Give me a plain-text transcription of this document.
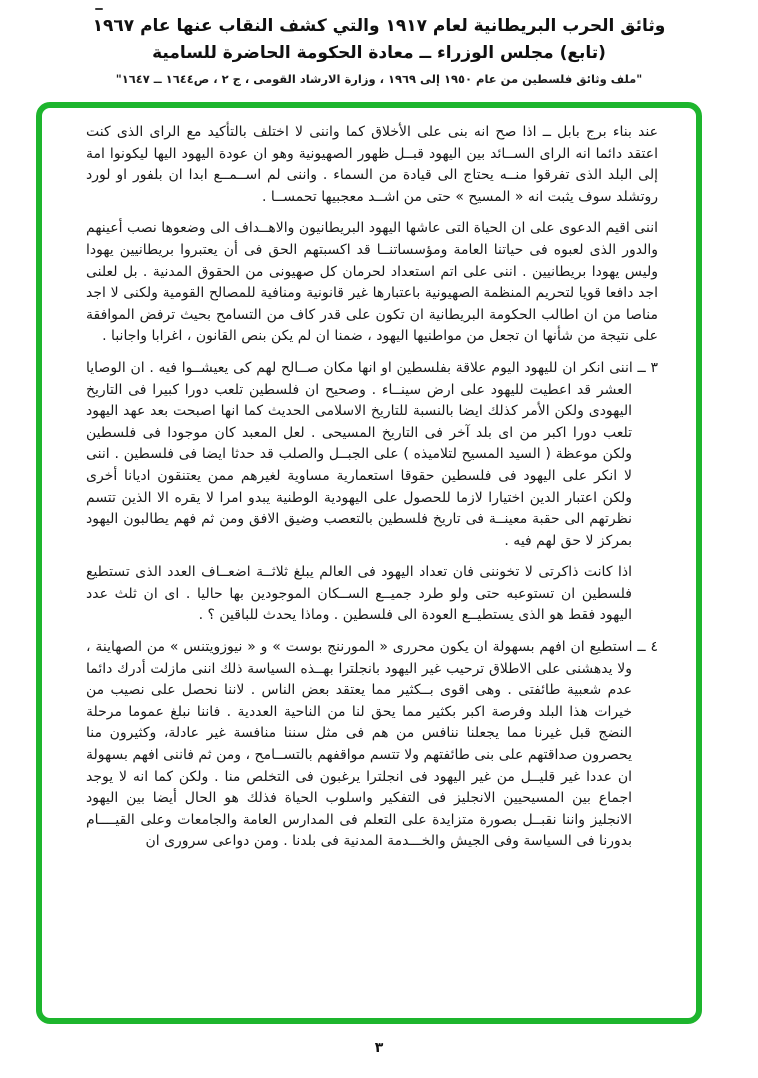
وثائق الحرب البريطانية لعام ١٩١٧ والتي كشف النقاب عنها عام ١٩٦٧
(تابع) مجلس الوزراء ــ معادة الحكومة الحاضرة للسامية
"ملف وثائق فلسطين من عام ١٩٥٠ إلى ١٩٦٩ ، وزارة الارشاد القومى ، ج ٢ ، ص١٦٤٤ ــ ١٦٤٧"

عند بناء برج بابل ــ اذا صح انه بنى على الأخلاق كما واننى لا اختلف بالتأكيد مع الراى الذى كنت اعتقد دائما انه الراى الســائد بين اليهود قبــل ظهور الصهيونية وهو ان عودة اليهود اليها ليكونوا امة إلى البلد الذى تفرقوا منــه يحتاج الى قيادة من السماء . واننى لم اســمــع ابدا ان بلفور او لورد روتشلد سوف يثبت انه « المسيح » حتى من اشــد معجبيها تحمســا .

اننى اقيم الدعوى على ان الحياة التى عاشها اليهود البريطانيون والاهــداف الى وضعوها نصب أعينهم والدور الذى لعبوه فى حياتنا العامة ومؤسساتنــا قد اكسبتهم الحق فى أن يعتبروا بريطانيين يهودا وليس يهودا بريطانيين . اننى على اتم استعداد لحرمان كل صهيونى من الحقوق المدنية . بل لعلنى اجد دافعا قويا لتحريم المنظمة الصهيونية باعتبارها غير قانونية ومنافية للمصالح القومية ولكنى لا اجد مناصا من ان اطالب الحكومة البريطانية ان تكون على قدر كاف من التسامح بحيث ترفض الموافقة على نتيجة من شأنها ان تجعل من مواطنيها اليهود ، ضمنا ان لم يكن بنص القانون ، اغرابا واجانبا .

٣ ــ اننى انكر ان لليهود اليوم علاقة بفلسطين او انها مكان صــالح لهم كى يعيشــوا فيه . ان الوصايا العشر قد اعطيت لليهود على ارض سينــاء . وصحيح ان فلسطين تلعب دورا كبيرا فى التاريخ اليهودى ولكن الأمر كذلك ايضا بالنسبة للتاريخ الاسلامى الحديث كما انها اصبحت بعد عهد اليهود تلعب دورا اكبر من اى بلد آخر فى التاريخ المسيحى . لعل المعبد كان موجودا فى فلسطين ولكن موعظة ( السيد المسيح لتلاميذه ) على الجبــل والصلب قد حدثا ايضا فى فلسطين . اننى لا انكر على اليهود فى فلسطين حقوقا استعمارية مساوية لغيرهم ممن يعتنقون اديانا أخرى ولكن اعتبار الدين اختيارا لازما للحصول على اليهودية الوطنية يبدو امرا لا يقره الا الذين تتسم نظرتهم الى حقبة معينــة فى تاريخ فلسطين بالتعصب وضيق الافق ومن ثم فهم يطالبون اليهود بمركز لا حق لهم فيه .

اذا كانت ذاكرتى لا تخوننى فان تعداد اليهود فى العالم يبلغ ثلاثــة اضعــاف العدد الذى تستطيع فلسطين ان تستوعبه حتى ولو طرد جميــع الســكان الموجودين بها حاليا . اى ان ثلث عدد اليهود فقط هو الذى يستطيــع العودة الى فلسطين . وماذا يحدث للباقين ؟ .

٤ ــ استطيع ان افهم بسهولة ان يكون محررى « المورننج بوست » و « نيوزويتنس » من الصهاينة ، ولا يدهشنى على الاطلاق ترحيب غير اليهود بانجلترا بهــذه السياسة ذلك اننى مازلت أدرك دائما عدم شعبية طائفتى . وهى اقوى بــكثير مما يعتقد بعض الناس . لاننا نحصل على نصيب من خيرات هذا البلد وفرصة اكبر بكثير مما يحق لنا من الناحية العددية . فاننا نبلغ عموما مرحلة النضج قبل غيرنا مما يجعلنا ننافس من هم فى مثل سننا منافسة غير عادلة، وكثيرون منا يحصرون صداقتهم على بنى طائفتهم ولا تتسم مواقفهم بالتســامح ، ومن ثم فاننى افهم بسهولة ان عددا غير قليــل من غير اليهود فى انجلترا يرغبون فى التخلص منا . ولكن كما انه لا يوجد اجماع بين المسيحيين الانجليز فى التفكير واسلوب الحياة فذلك هو الحال أيضا بين اليهود الانجليز واننا نقبــل بصورة متزايدة على التعلم فى المدارس العامة والجامعات وعلى القيــــام بدورنا فى السياسة وفى الجيش والخـــدمة المدنية فى بلدنا . ومن دواعى سرورى ان

٣
